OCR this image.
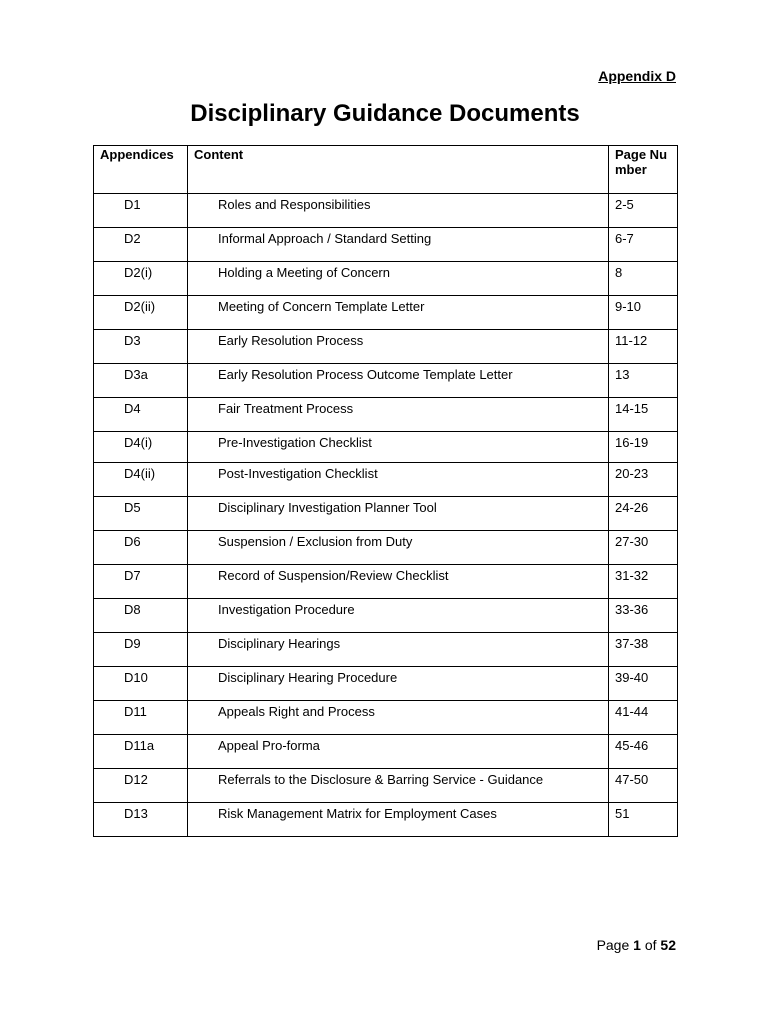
Appendix D
Disciplinary Guidance Documents
Appendices	Content	Page Number
D1	Roles and Responsibilities	2-5
D2	Informal Approach / Standard Setting	6-7
D2(i)	Holding a Meeting of Concern	8
D2(ii)	Meeting of Concern Template Letter	9-10
D3	Early Resolution Process	11-12
D3a	Early Resolution Process Outcome Template Letter	13
D4	Fair Treatment Process	14-15
D4(i)	Pre-Investigation Checklist	16-19
D4(ii)	Post-Investigation Checklist	20-23
D5	Disciplinary Investigation Planner Tool	24-26
D6	Suspension / Exclusion from Duty	27-30
D7	Record of Suspension/Review Checklist	31-32
D8	Investigation Procedure	33-36
D9	Disciplinary Hearings	37-38
D10	Disciplinary Hearing Procedure	39-40
D11	Appeals Right and Process	41-44
D11a	Appeal Pro-forma	45-46
D12	Referrals to the Disclosure & Barring Service - Guidance	47-50
D13	Risk Management Matrix for Employment Cases	51
Page 1 of 52
